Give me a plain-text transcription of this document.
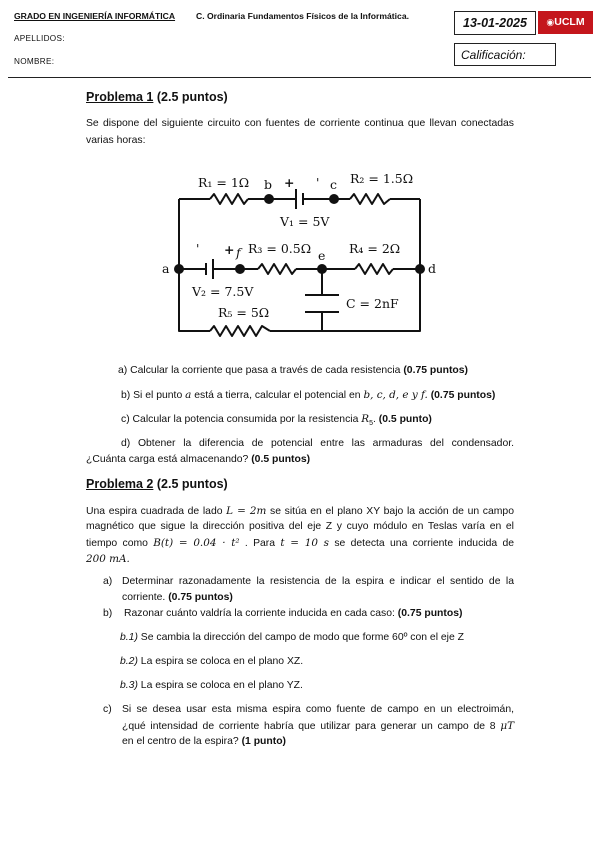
GRADO EN INGENIERÍA INFORMÁTICA C. Ordinaria Fundamentos Físicos de la Informática.
APELLIDOS:
NOMBRE:
13-01-2025	◉UCLM
Calificación:
Problema 1 (2.5 puntos)
Se dispone del siguiente circuito con fuentes de corriente continua que llevan conectadas varias horas:
R₁ = 1Ω b + ' c R₂ = 1.5Ω
V₁ = 5V
' + f R₃ = 0.5Ω e R₄ = 2Ω
a	d
V₂ = 7.5V
C = 2nF
R₅ = 5Ω
a) Calcular la corriente que pasa a través de cada resistencia (0.75 puntos)
b) Si el punto a está a tierra, calcular el potencial en b, c, d, e y f. (0.75 puntos)
c) Calcular la potencia consumida por la resistencia $R_5$. (0.5 punto)
d) Obtener la diferencia de potencial entre las armaduras del condensador.
¿Cuánta carga está almacenando? (0.5 puntos)
Problema 2 (2.5 puntos)
Una espira cuadrada de lado L = 2m se sitúa en el plano XY bajo la acción de un campo
magnético que sigue la dirección positiva del eje Z y cuyo módulo en Teslas varía en el
tiempo como B(t) = 0.04 · t² . Para t = 10 s se detecta una corriente inducida de
200 mA.
a) Determinar razonadamente la resistencia de la espira e indicar el sentido de la
corriente. (0.75 puntos)
b) Razonar cuánto valdría la corriente inducida en cada caso: (0.75 puntos)
b.1) Se cambia la dirección del campo de modo que forme 60º con el eje Z
b.2) La espira se coloca en el plano XZ.
b.3) La espira se coloca en el plano YZ.
c) Si se desea usar esta misma espira como fuente de campo en un electroimán,
¿qué intensidad de corriente habría que utilizar para generar un campo de 8 μT
en el centro de la espira? (1 punto)
